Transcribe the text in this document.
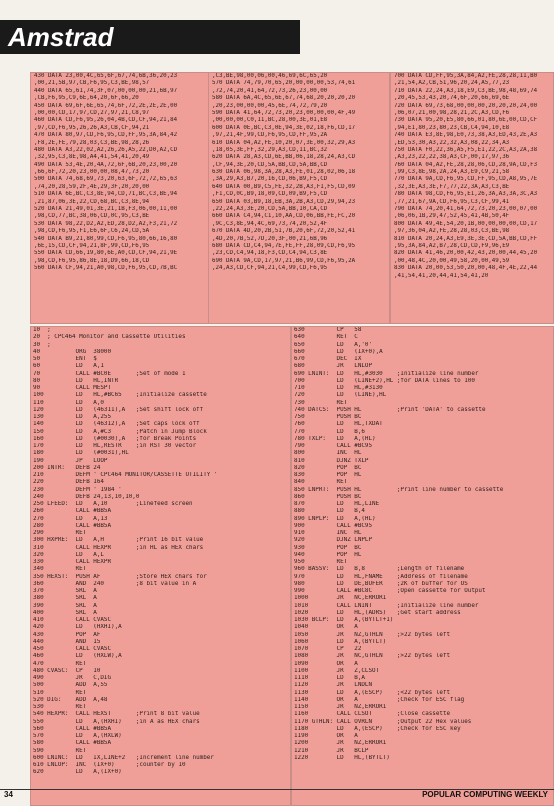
Amstrad
430 DATA 23,00,4C,65,6F,67,74,6B,36,20,23
,00,21,5B,97,CB,F6,95,C3,BE,98,57
440 DATA 65,61,74,3F,07,00,00,00,21,6B,97
,CB,F6,95,C9,6E,64,20,6F,66,20
450 DATA 69,6F,6E,65,74,6F,72,2E,2E,2E,00
,00,00,CD,17,97,CD,27,97,21,C8,97
460 DATA CD,F6,95,26,04,4B,CD,CF,94,21,84
,97,CD,F6,95,26,26,A3,CB,CF,94,21
470 DATA 80,97,CD,F6,95,CD,FF,95,3A,84,42
,F8,2E,FE,79,28,03,C3,BE,98,28,26
480 DATA A3,22,02,A2,26,26,A5,22,D0,A2,CD
,32,95,C3,8E,98,A4,41,54,41,20,49
490 DATA 53,4E,20,4A,72,6F,6B,20,23,00,20
,66,6F,72,20,23,00,00,08,47,73,20
500 DATA 74,68,69,73,20,63,6F,72,72,65,63
,74,20,28,59,2F,4E,29,3F,20,20,00
510 DATA 6E,BC,C3,8E,94,CD,71,BC,C3,BE,94
,21,87,06,3E,22,CD,68,BC,C3,8E,94
520 DATA 21,49,01,3E,21,1B,F3,06,00,11,00
,98,CD,77,BC,38,06,CD,0C,95,C3,BE
530 DATA 98,22,D2,A2,ED,28,D2,A2,F3,21,72
,98,CD,F6,95,F1,E6,6F,C6,24,CD,5A
540 DATA B9,21,80,99,CD,F6,95,80,66,16,80
,6E,15,CD,CF,94,21,8F,99,CD,F6,95
550 DATA CD,66,19,80,6E,A0,CD,CF,94,21,9E
,98,CD,F6,95,86,8E,18,D9,66,18,CD
560 DATA CF,94,21,A0,98,CD,F6,95,CD,7B,BC
,C3,BE,98,00,06,00,46,69,6C,65,20
570 DATA 74,79,70,65,20,00,00,00,53,74,61
,72,74,20,41,64,72,73,26,23,00,00
580 DATA 6A,4C,65,6E,67,74,68,20,20,20,20
,20,23,00,00,00,45,6E,74,72,79,20
590 DATA 41,64,72,73,20,23,00,00,00,4F,49
,00,00,00,C0,11,BC,28,00,3E,01,E8
600 DATA 0E,BC,C3,0E,94,3E,02,18,F6,CD,17
,97,21,4F,99,CD,F6,95,CD,FF,95,2A
610 DATA 04,A2,FE,10,20,07,3E,00,32,29,A3
,18,05,3E,FF,32,29,A3,CD,11,BC,32
620 DATA 28,A3,CD,6E,BB,06,18,28,24,A3,CD
,CF,94,3E,20,CD,5A,BB,CD,5A,BB,CD
630 DATA 06,98,3A,28,A3,FE,01,28,02,06,18
,3A,29,A3,B7,20,16,CD,06,B9,F5,CD
640 DATA 00,B9,C5,FE,32,2B,A3,F1,F5,CD,09
,F1,CD,0C,B9,18,09,CD,09,B9,F5,CD
650 DATA 03,B9,18,EB,3A,2B,A3,CD,29,94,23
,22,24,A3,3E,20,CD,5A,BB,10,CA,CD
660 DATA C4,94,C1,10,AA,CD,06,BB,FE,FC,20
,9C,C3,8E,94,4C,69,73,74,20,52,4F
670 DATA 4D,20,2B,51,7B,20,6F,72,20,52,41
,4D,20,7B,52,7D,20,3F,00,21,6B,96
680 DATA CD,C4,94,7E,FE,FF,28,09,CD,F6,95
,23,CD,C4,94,18,F3,CD,C4,94,C3,8E
690 DATA 9A,CD,17,97,21,B6,99,CD,F6,95,2A
,24,A3,CD,CF,94,21,C4,99,CD,F6,95
700 DATA CD,FF,95,3A,84,A2,FE,28,28,11,B0
,21,54,A2,CB,51,96,20,24,A5,77,23
710 DATA 22,24,A3,18,E9,C3,BE,98,48,69,74
,20,45,53,43,20,74,6F,20,66,69,6E
720 DATA 69,73,68,00,00,00,20,20,20,24,00
,06,07,21,00,98,28,21,2C,A3,CD,F6
730 DATA 95,20,E5,80,66,01,80,6E,00,CD,CF
,94,E1,80,23,80,23,CB,C4,94,10,E8
740 DATA E3,8E,98,E0,73,38,A3,ED,43,2E,A3
,ED,53,30,A3,22,32,A3,08,22,34,A3
750 DATA F0,22,36,A5,F5,E1,22,2C,A3,2A,38
,A3,23,22,22,38,A3,CF,00,17,97,36
760 DATA 04,A2,FE,28,28,06,CD,28,9A,CD,F3
,99,C3,8E,98,2A,24,A3,E9,C9,21,58
770 DATA 9A,CD,F6,95,CD,FF,95,CD,A8,95,7E
,32,3E,A3,3E,F7,77,22,3A,A3,C3,BE
780 DATA 98,CD,F6,95,E1,26,3A,A3,3A,3C,A3
,77,21,67,9A,CD,F6,95,C3,CF,99,41
790 DATA 74,20,41,64,72,73,20,23,00,07,00
,06,06,1B,29,47,52,45,41,4B,50,4F
800 DATA 49,4E,54,20,1B,00,00,00,00,CD,17
,97,36,04,A2,FE,28,28,03,C3,BE,98
810 DATA 20,24,A3,E9,3E,3E,CD,5A,BB,CD,FF
,95,3A,84,A2,B7,28,CD,CD,F9,96,E9
820 DATA 41,46,20,00,42,43,20,00,44,45,20
,00,48,4C,20,00,49,58,20,00,49,59
830 DATA 20,00,53,50,20,00,48,4F,4E,22,44
,41,54,41,20,44,41,54,41,20
10  ;
20  ; CPC464 Monitor and Cassette Utilities
30  ;
40          ORG  38000
50          ENT  $
60          LD   A,1
70          CALL #BC0E       ;Set of mode 1
80          LD   HL,INTR
90          CALL MESPT
100         LD   HL,#BC65    ;Initialize cassette
110         LD   A,0
120         LD   (46311),A   ;Set shift lock off
130         LD   A,255
140         LD   (46312),A   ;Set caps lock off
150         LD   A,#C3       ;Patch in Jump Block
160         LD   (#0030),A   ;for Break Points
170         LD   HL,RESTR    ;in RST 30 vector
180         LD   (#0031),HL
190         JP   LOOP
200 INTR:   DEFB 24
210         DEFM ' CPC464 MONITOR/CASSETTE UTILITY '
220         DEFB 164
230         DEFM ' 1984 '
240         DEFB 24,13,10,10,0
250 LFEED:  LD   A,10        ;Linefeed screen
260         CALL #BB5A
270         LD   A,13
280         CALL #BB5A
290         RET
300 HXPRE:  LD   A,H         ;Print 16 bit value
310         CALL HEXPR       ;in HL as HEX chars
320         LD   A,L
330         CALL HEXPR
340         RET
350 HEXST:  PUSH AF          ;Store HEX chars for
360         AND  240         ;8 bit value in A
370         SRL  A
380         SRL  A
390         SRL  A
400         SRL  A
410         CALL CVASC
420         LD   (HXHI),A
430         POP  AF
440         AND  15
450         CALL CVASC
460         LD   (HXLW),A
470         RET
480 CVASC:  CP   10
490         JR   C,DIG
500         ADD  A,55
510         RET
520 DIG:    ADD  A,48
530         RET
540 HEXPR:  CALL HEXST       ;Print 8 bit value
550         LD   A,(HXHI)    ;in A as HEX chars
560         CALL #BB5A
570         LD   A,(HXLW)
580         CALL #BB5A
590         RET
600 LNINC:  LD   IX,LINE+2   ;Increment line number
610 LNLOP:  INC  (IX+0)      ;counter by 10
620         LD   A,(IX+0)
630         CP   58
640         RET  C
650         LD   A,'0'
660         LD   (IX+0),A
670         DEC  IX
680         JR   LNLOP
690 LNINT:  LD   HL,#3030    ;Initialize line number
700         LD   (LINE+2),HL ;for DATA lines to 100
710         LD   HL,#3130
720         LD   (LINE),HL
730         RET
740 DATCS:  PUSH HL          ;Print 'DATA' to cassette
750         PUSH BC
760         LD   HL,TXDAT
770         LD   B,6
780 TXLP:   LD   A,(HL)
790         CALL #BC95
800         INC  HL
810         DJNZ TXLP
820         POP  BC
830         POP  HL
840         RET
850 LNPRT:  PUSH HL          ;Print line number to cassette
860         PUSH BC
870         LD   HL,LINE
880         LD   B,4
890 LNPLP:  LD   A,(HL)
900         CALL #BC95
910         INC  HL
920         DJNZ LNPLP
930         POP  BC
940         POP  HL
950         RET
960 BASSV:  LD   B,8         ;Length of filename
970         LD   HL,FNAME    ;Address of filename
980         LD   DE,BUFER    ;2K of buffer for OS
990         CALL #BC8C       ;Open cassette for Output
1000        JR   NC,ERROR1
1010        CALL LNINT       ;Initialize line number
1020        LD   HL,(ADRS)   ;Get start address
1030 BCLP:  LD   A,(BYTLT+1)
1040        OR   A
1050        JR   NZ,GTHLN    ;>22 bytes left
1060        LD   A,(BYTLT)
1070        CP   22
1080        JR   NC,GTHLN    ;>22 bytes left
1090        OR   A
1100        JR   Z,CLSOT
1110        LD   B,A
1120        JR   LNDLN
1130        LD   A,(ESCP)    ;<22 bytes left
1140        OR   A           ;Check for ESC flag
1150        JR   NZ,ERROR1
1160        CALL CLSOT       ;Close cassette
1170 GTHLN: CALL OVRLN       ;Output 22 Hex values
1180        LD   A,(ESCP)    ;Check for ESC key
1190        OR   A
1200        JR   NZ,ERROR1
1210        JR   BCLP
1220        LD   HL,(BYTLT)
34	POPULAR COMPUTING WEEKLY
